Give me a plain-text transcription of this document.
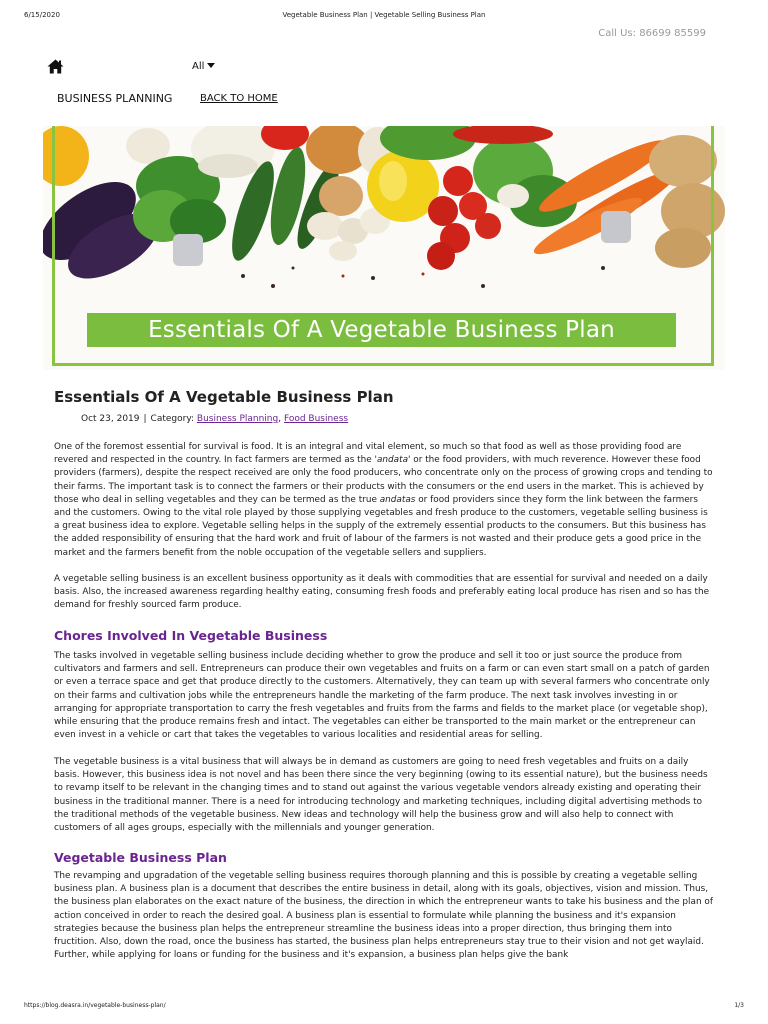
6/15/2020	Vegetable Business Plan | Vegetable Selling Business Plan
https://blog.deasra.in/vegetable-business-plan/	1/3
Call Us: 86699 85599
All
BUSINESS PLANNING	BACK TO HOME
Essentials Of A Vegetable Business Plan
Essentials Of A Vegetable Business Plan
Oct 23, 2019 | Category: Business Planning, Food Business

One of the foremost essential for survival is food. It is an integral and vital element, so much so that food as well as those providing food are revered and respected in the country. In fact farmers are termed as the 'andata' or the food providers, with much reverence. However these food providers (farmers), despite the respect received are only the food producers, who concentrate only on the process of growing crops and tending to their farms. The important task is to connect the farmers or their products with the consumers or the end users in the market. This is achieved by those who deal in selling vegetables and they can be termed as the true andatas or food providers since they form the link between the farmers and the customers. Owing to the vital role played by those supplying vegetables and fresh produce to the customers, vegetable selling business is a great business idea to explore. Vegetable selling helps in the supply of the extremely essential products to the consumers. But this business has the added responsibility of ensuring that the hard work and fruit of labour of the farmers is not wasted and their produce gets a good price in the market and the farmers benefit from the noble occupation of the vegetable sellers and suppliers.

A vegetable selling business is an excellent business opportunity as it deals with commodities that are essential for survival and needed on a daily basis. Also, the increased awareness regarding healthy eating, consuming fresh foods and preferably eating local produce has risen and so has the demand for freshly sourced farm produce.

Chores Involved In Vegetable Business

The tasks involved in vegetable selling business include deciding whether to grow the produce and sell it too or just source the produce from cultivators and farmers and sell. Entrepreneurs can produce their own vegetables and fruits on a farm or can even start small on a patch of garden or even a terrace space and get that produce directly to the customers. Alternatively, they can team up with several farmers who concentrate only on their farms and cultivation jobs while the entrepreneurs handle the marketing of the farm produce. The next task involves investing in or arranging for appropriate transportation to carry the fresh vegetables and fruits from the farms and fields to the market place (or vegetable shop), while ensuring that the produce remains fresh and intact. The vegetables can either be transported to the main market or the entrepreneur can even invest in a vehicle or cart that takes the vegetables to various localities and residential areas for selling.

The vegetable business is a vital business that will always be in demand as customers are going to need fresh vegetables and fruits on a daily basis. However, this business idea is not novel and has been there since the very beginning (owing to its essential nature), but the business needs to revamp itself to be relevant in the changing times and to stand out against the various vegetable vendors already existing and operating their business in the traditional manner. There is a need for introducing technology and marketing techniques, including digital advertising methods to the traditional methods of the vegetable business. New ideas and technology will help the business grow and will also help to connect with customers of all ages groups, especially with the millennials and younger generation.

Vegetable Business Plan

The revamping and upgradation of the vegetable selling business requires thorough planning and this is possible by creating a vegetable selling business plan. A business plan is a document that describes the entire business in detail, along with its goals, objectives, vision and mission. Thus, the business plan elaborates on the exact nature of the business, the direction in which the entrepreneur wants to take his business and the plan of action conceived in order to reach the desired goal. A business plan is essential to formulate while planning the business and it's expansion strategies because the business plan helps the entrepreneur streamline the business ideas into a proper direction, thus bringing them into fructition. Also, down the road, once the business has started, the business plan helps entrepreneurs stay true to their vision and not get waylaid. Further, while applying for loans or funding for the business and it's expansion, a business plan helps give the bank
